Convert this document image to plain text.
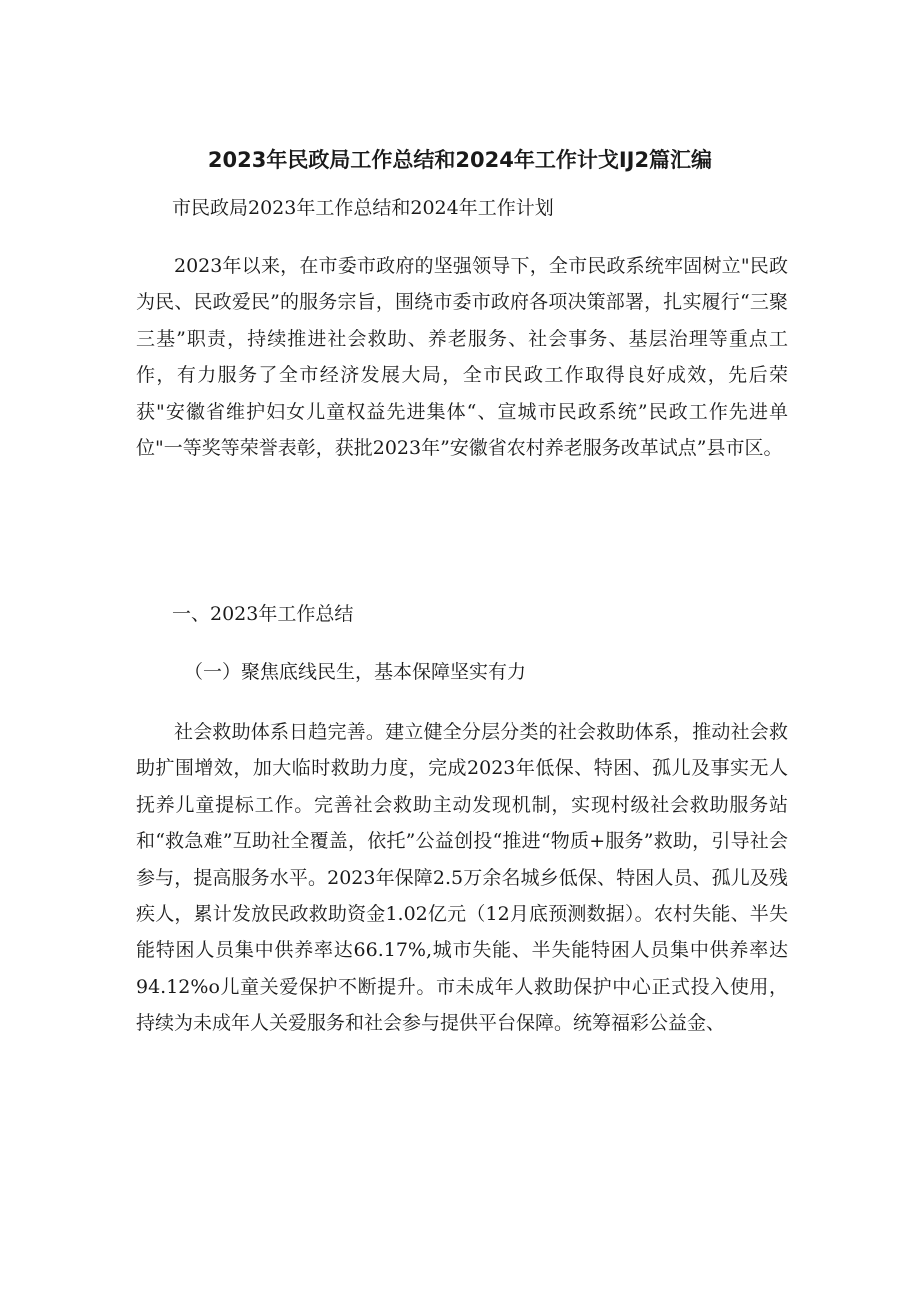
2023年民政局工作总结和2024年工作计戈IJ2篇汇编

市民政局2023年工作总结和2024年工作计划

2023年以来，在市委市政府的坚强领导下，全市民政系统牢固树立"民政为民、民政爱民”的服务宗旨，围绕市委市政府各项决策部署，扎实履行“三聚三基”职责，持续推进社会救助、养老服务、社会事务、基层治理等重点工作，有力服务了全市经济发展大局，全市民政工作取得良好成效，先后荣获"安徽省维护妇女儿童权益先进集体“、宣城市民政系统”民政工作先进单位"一等奖等荣誉表彰，获批2023年”安徽省农村养老服务改革试点”县市区。

一、2023年工作总结

（一）聚焦底线民生，基本保障坚实有力

社会救助体系日趋完善。建立健全分层分类的社会救助体系，推动社会救助扩围增效，加大临时救助力度，完成2023年低保、特困、孤儿及事实无人抚养儿童提标工作。完善社会救助主动发现机制，实现村级社会救助服务站和“救急难”互助社全覆盖，依托”公益创投“推进“物质+服务”救助，引导社会参与，提高服务水平。2023年保障2.5万余名城乡低保、特困人员、孤儿及残疾人，累计发放民政救助资金1.02亿元（12月底预测数据）。农村失能、半失能特困人员集中供养率达66.17%,城市失能、半失能特困人员集中供养率达94.12%o儿童关爱保护不断提升。市未成年人救助保护中心正式投入使用，持续为未成年人关爱服务和社会参与提供平台保障。统筹福彩公益金、
